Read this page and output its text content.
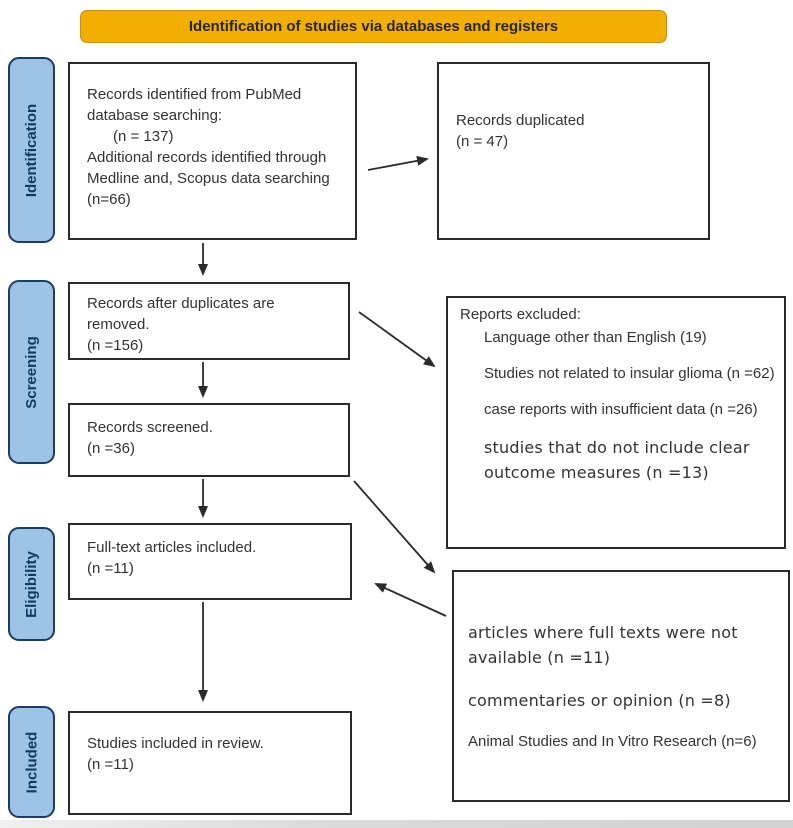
Identification of studies via databases and registers
Identification
Screening
Eligibility
Included
Records identified from PubMed database searching:
(n = 137)
Additional records identified through Medline and, Scopus data searching (n=66)
Records duplicated
(n = 47)
Records after duplicates are removed.
(n =156)
Reports excluded:
Language other than English (19)
Studies not related to insular glioma (n =62)
case reports with insufficient data (n =26)
studies that do not include clear outcome measures (n =13)
Records screened.
(n =36)
Full-text articles included.
(n =11)
articles where full texts were not available (n =11)
commentaries or opinion (n =8)
Animal Studies and In Vitro Research (n=6)
Studies included in review.
(n =11)
